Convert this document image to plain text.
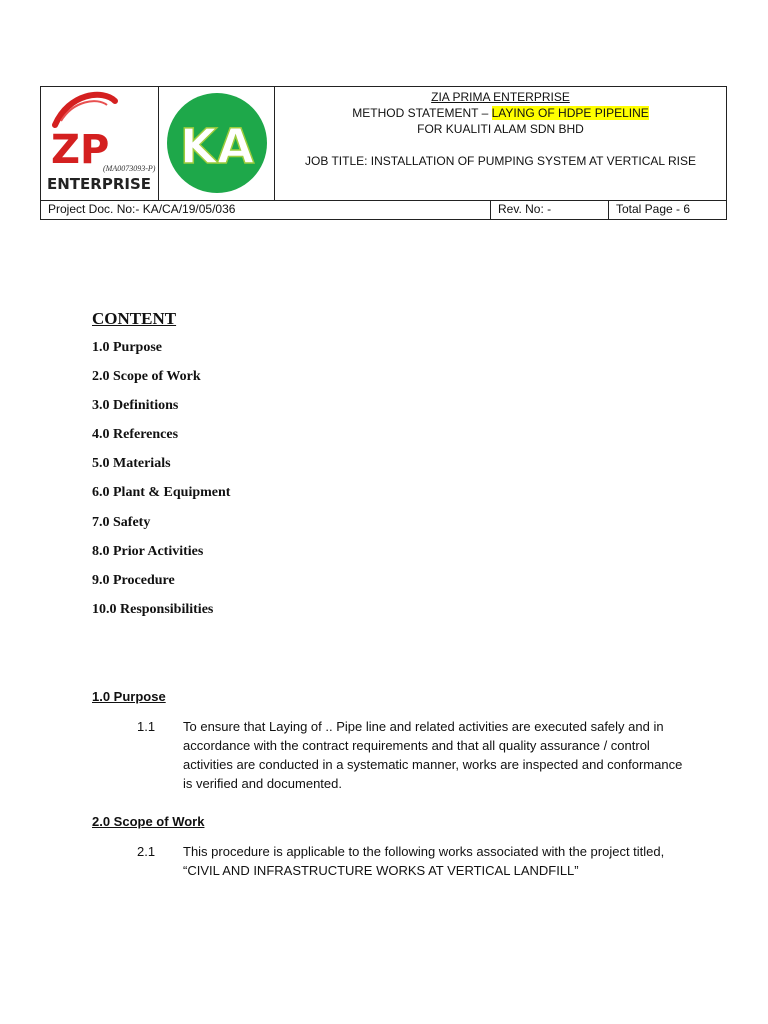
ZP
(MA0073093-P)
ENTERPRISE
KA
ZIA PRIMA ENTERPRISE
METHOD STATEMENT – LAYING OF HDPE PIPELINE
FOR KUALITI ALAM SDN BHD
JOB TITLE: INSTALLATION OF PUMPING SYSTEM AT VERTICAL RISE
Project Doc. No:- KA/CA/19/05/036	Rev. No: -	Total Page - 6
CONTENT
1.0 Purpose
2.0 Scope of Work
3.0 Definitions
4.0 References
5.0 Materials
6.0 Plant & Equipment
7.0 Safety
8.0 Prior Activities
9.0 Procedure
10.0 Responsibilities
1.0 Purpose
1.1	To ensure that Laying of .. Pipe line and related activities are executed safely and in accordance with the contract requirements and that all quality assurance / control activities are conducted in a systematic manner, works are inspected and conformance is verified and documented.
2.0 Scope of Work
2.1	This procedure is applicable to the following works associated with the project titled, “CIVIL AND INFRASTRUCTURE WORKS AT VERTICAL LANDFILL”
